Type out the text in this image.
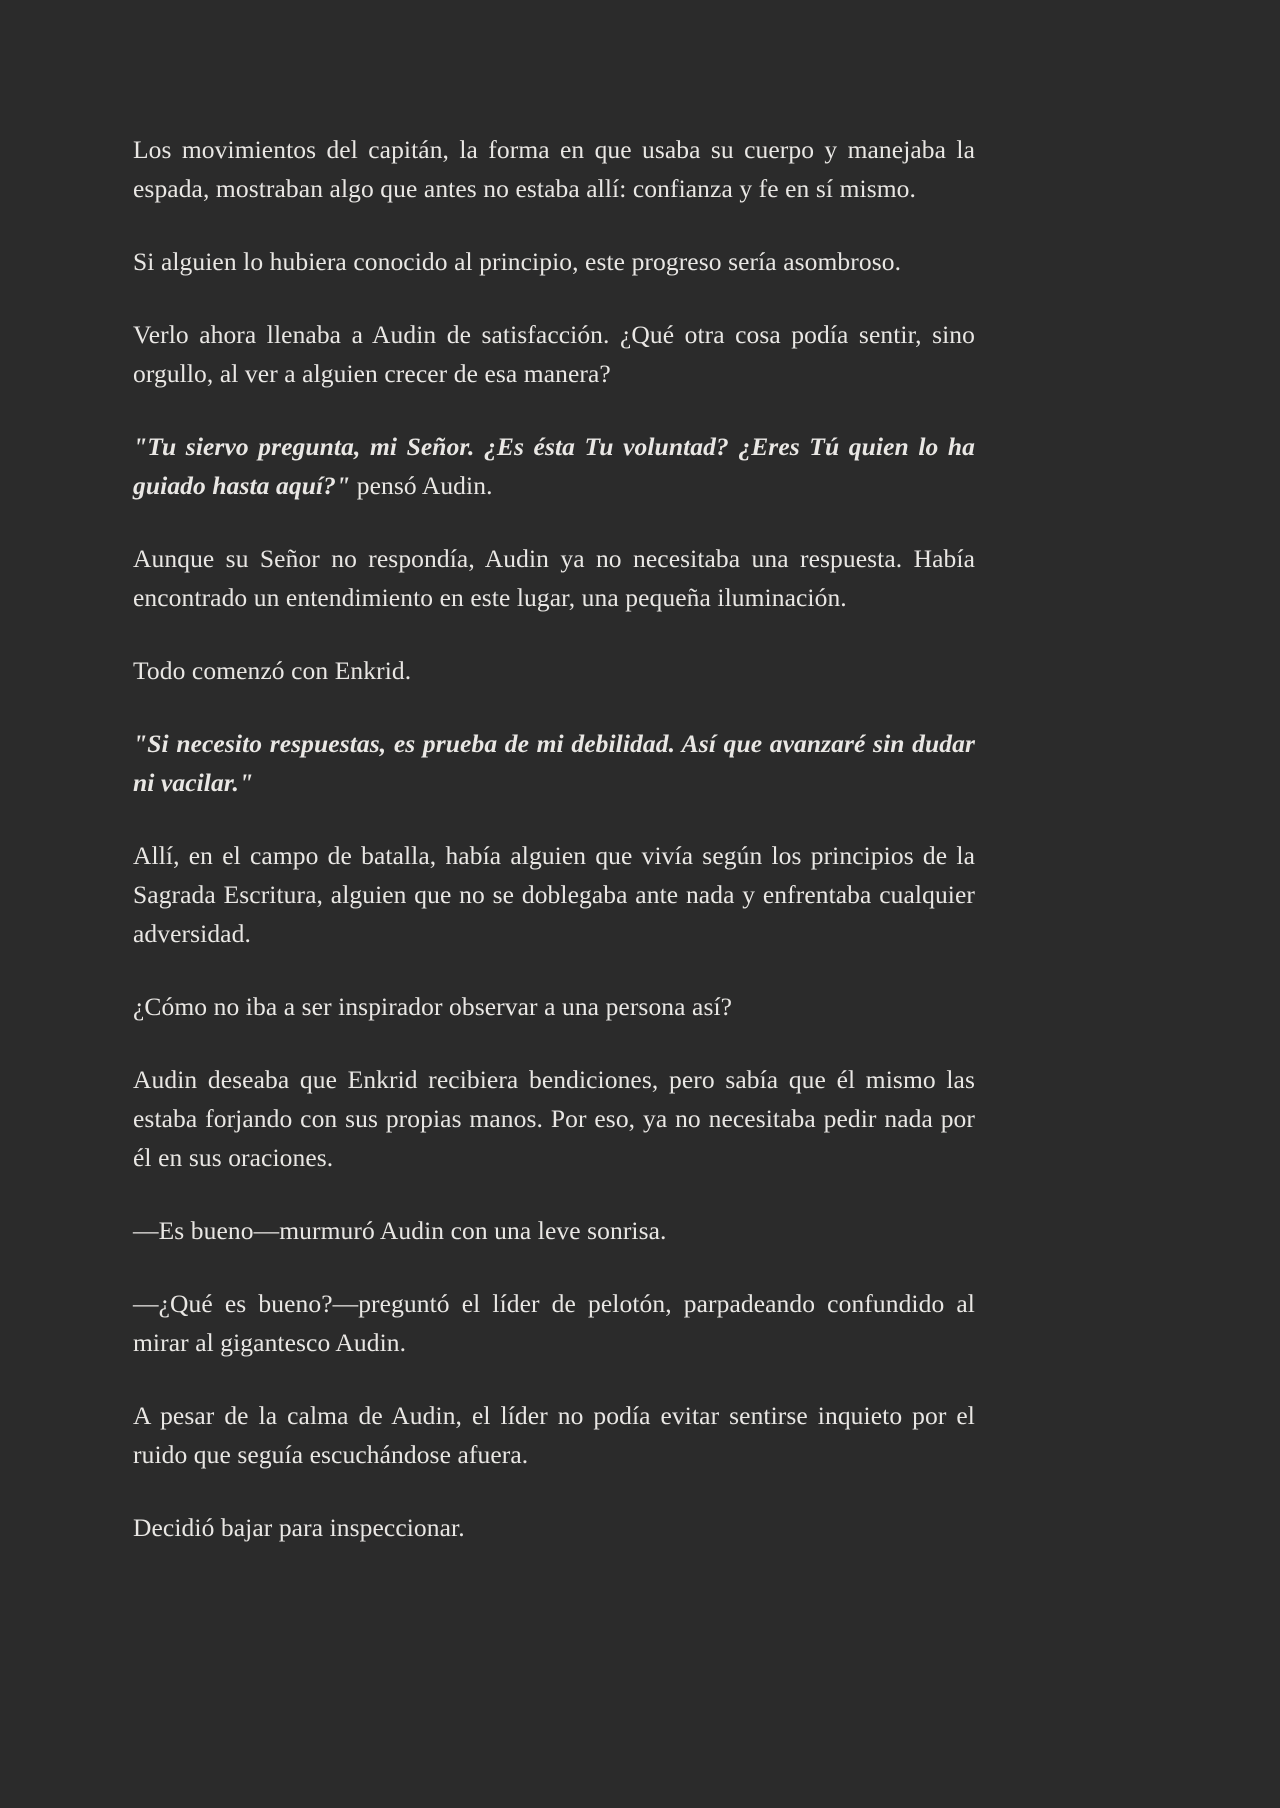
Los movimientos del capitán, la forma en que usaba su cuerpo y manejaba la espada, mostraban algo que antes no estaba allí: confianza y fe en sí mismo.

Si alguien lo hubiera conocido al principio, este progreso sería asombroso.

Verlo ahora llenaba a Audin de satisfacción. ¿Qué otra cosa podía sentir, sino orgullo, al ver a alguien crecer de esa manera?

"Tu siervo pregunta, mi Señor. ¿Es ésta Tu voluntad? ¿Eres Tú quien lo ha guiado hasta aquí?" pensó Audin.

Aunque su Señor no respondía, Audin ya no necesitaba una respuesta. Había encontrado un entendimiento en este lugar, una pequeña iluminación.

Todo comenzó con Enkrid.

"Si necesito respuestas, es prueba de mi debilidad. Así que avanzaré sin dudar ni vacilar."

Allí, en el campo de batalla, había alguien que vivía según los principios de la Sagrada Escritura, alguien que no se doblegaba ante nada y enfrentaba cualquier adversidad.

¿Cómo no iba a ser inspirador observar a una persona así?

Audin deseaba que Enkrid recibiera bendiciones, pero sabía que él mismo las estaba forjando con sus propias manos. Por eso, ya no necesitaba pedir nada por él en sus oraciones.

—Es bueno—murmuró Audin con una leve sonrisa.

—¿Qué es bueno?—preguntó el líder de pelotón, parpadeando confundido al mirar al gigantesco Audin.

A pesar de la calma de Audin, el líder no podía evitar sentirse inquieto por el ruido que seguía escuchándose afuera.

Decidió bajar para inspeccionar.
